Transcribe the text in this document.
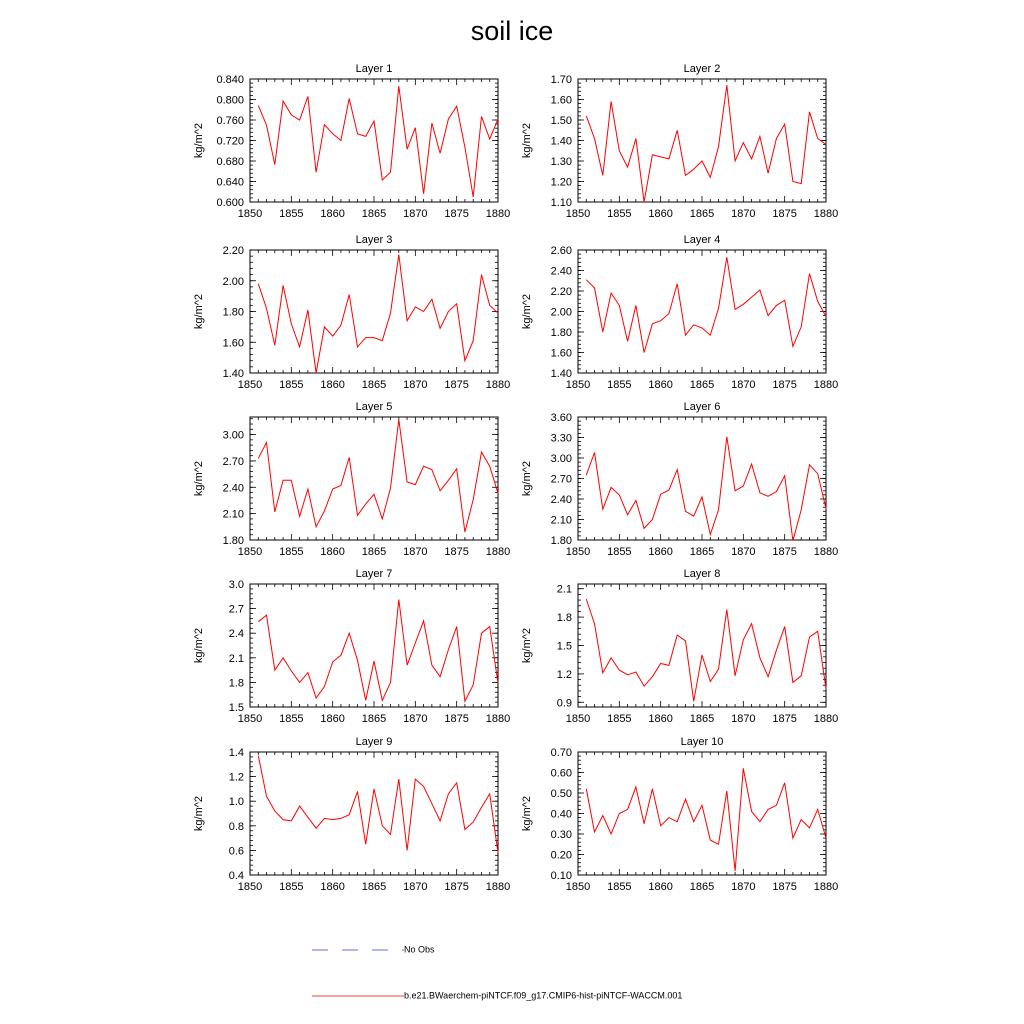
soil ice
1850 1855 1860 1865 1870 1875 1880
0.600
0.640
0.680
0.720
0.760
0.800
0.840
Layer 1
kg/m^2
1850 1855 1860 1865 1870 1875 1880
1.10
1.20
1.30
1.40
1.50
1.60
1.70
Layer 2
kg/m^2
1850 1855 1860 1865 1870 1875 1880
1.40
1.60
1.80
2.00
2.20
Layer 3
kg/m^2
1850 1855 1860 1865 1870 1875 1880
1.40
1.60
1.80
2.00
2.20
2.40
2.60
Layer 4
kg/m^2
1850 1855 1860 1865 1870 1875 1880
1.80
2.10
2.40
2.70
3.00
Layer 5
kg/m^2
1850 1855 1860 1865 1870 1875 1880
1.80
2.10
2.40
2.70
3.00
3.30
3.60
Layer 6
kg/m^2
1850 1855 1860 1865 1870 1875 1880
1.5
1.8
2.1
2.4
2.7
3.0
Layer 7
kg/m^2
1850 1855 1860 1865 1870 1875 1880
0.9
1.2
1.5
1.8
2.1
Layer 8
kg/m^2
1850 1855 1860 1865 1870 1875 1880
0.4
0.6
0.8
1.0
1.2
1.4
Layer 9
kg/m^2
1850 1855 1860 1865 1870 1875 1880
0.10
0.20
0.30
0.40
0.50
0.60
0.70
Layer 10
kg/m^2
No Obs
b.e21.BWaerchem-piNTCF.f09_g17.CMIP6-hist-piNTCF-WACCM.001
